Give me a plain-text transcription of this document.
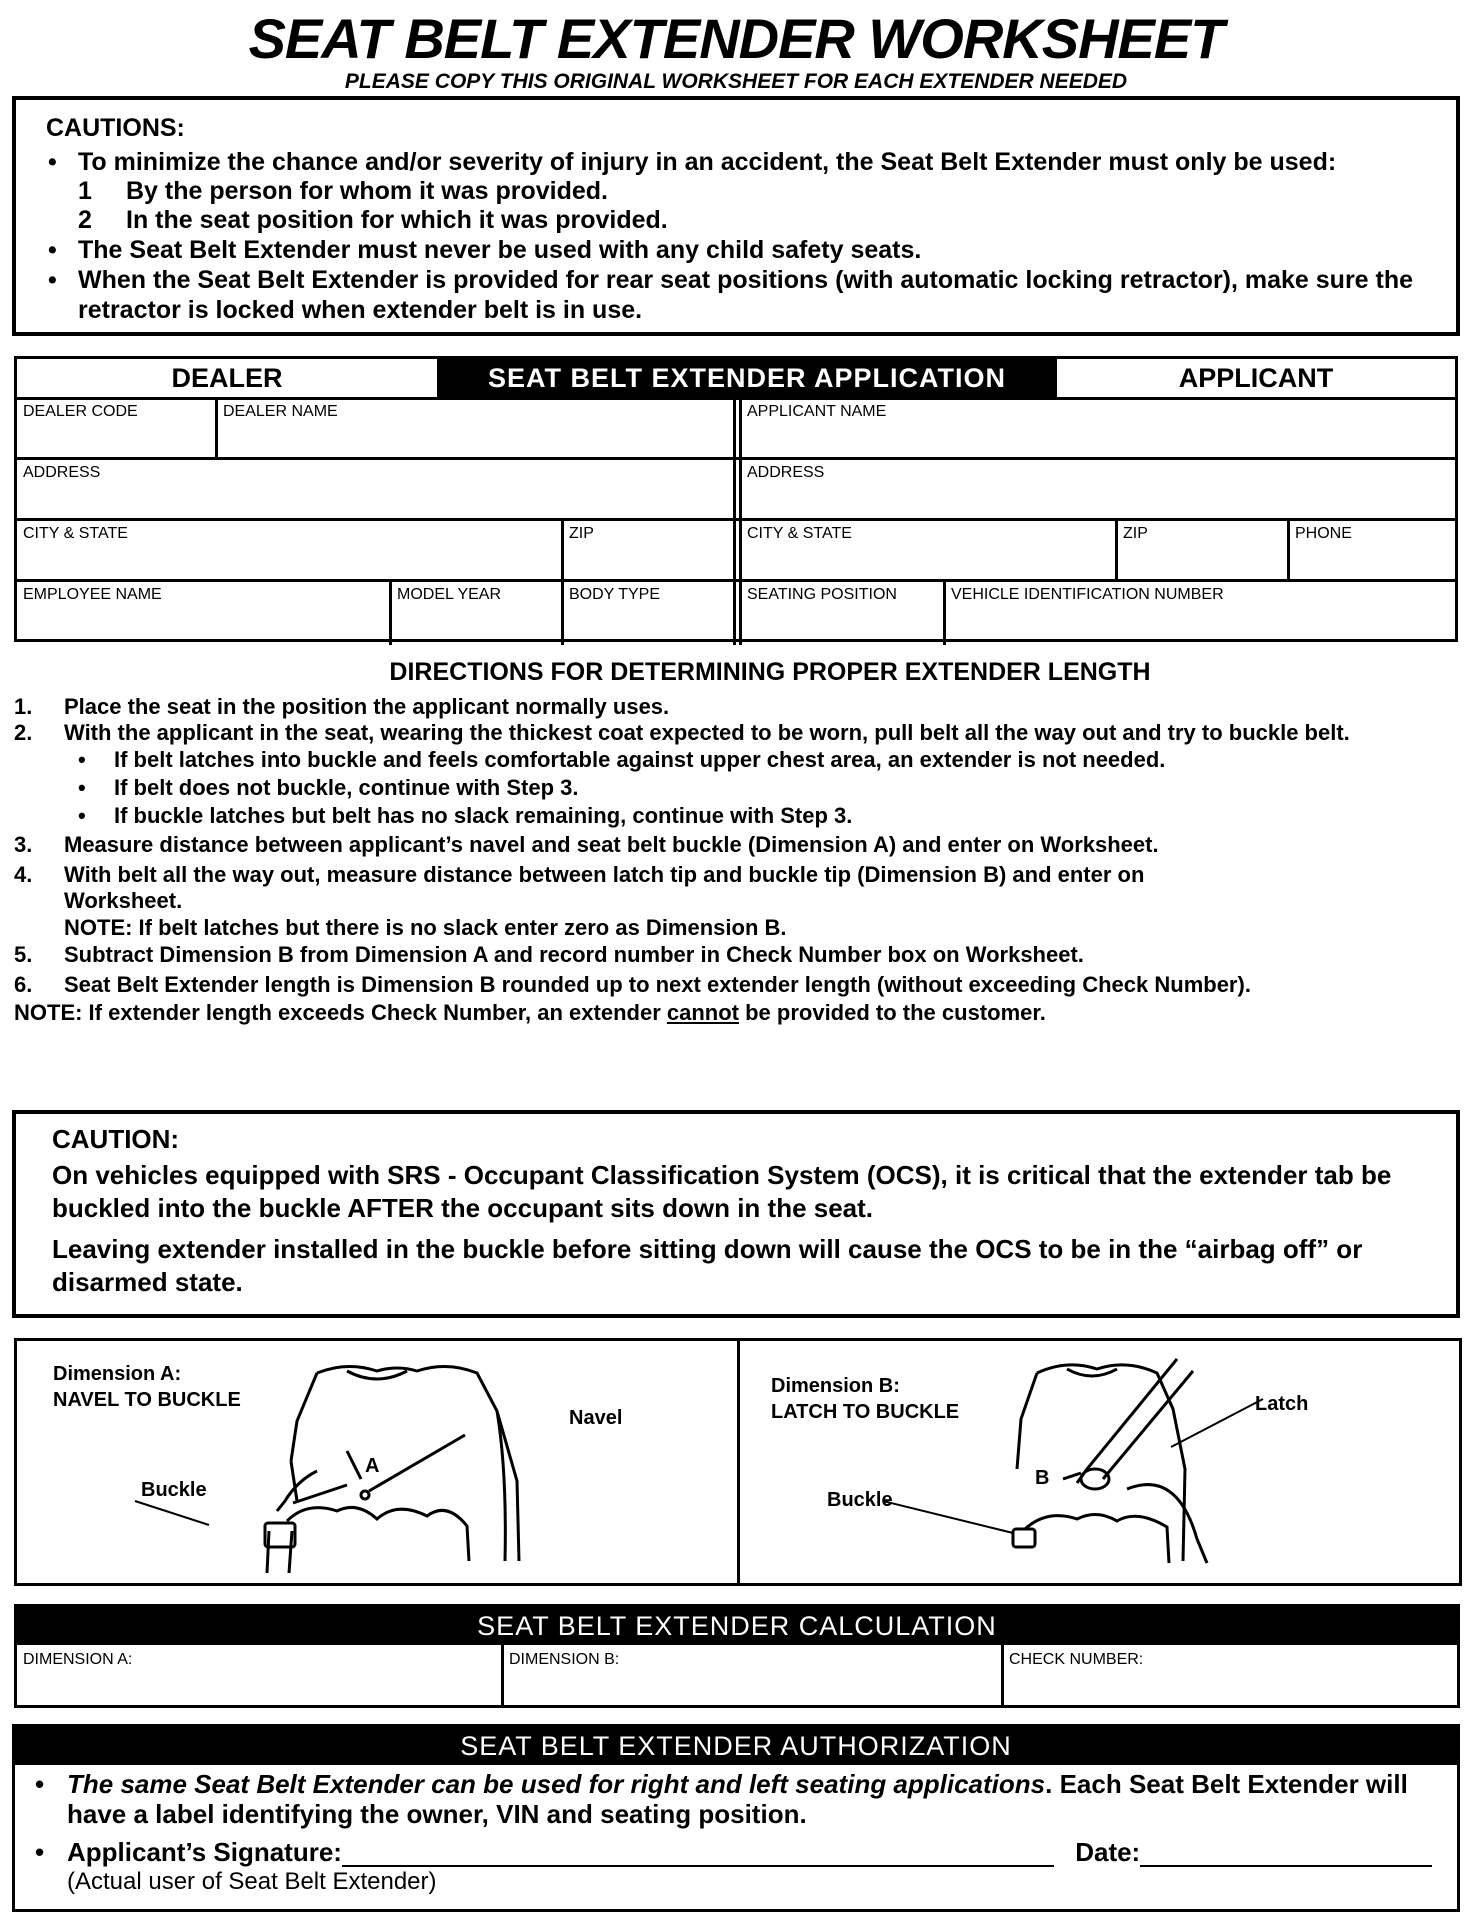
SEAT BELT EXTENDER WORKSHEET
PLEASE COPY THIS ORIGINAL WORKSHEET FOR EACH EXTENDER NEEDED
CAUTIONS:
• To minimize the chance and/or severity of injury in an accident, the Seat Belt Extender must only be used:
1 By the person for whom it was provided.
2 In the seat position for which it was provided.
• The Seat Belt Extender must never be used with any child safety seats.
• When the Seat Belt Extender is provided for rear seat positions (with automatic locking retractor), make sure the retractor is locked when extender belt is in use.
DEALER	SEAT BELT EXTENDER APPLICATION	APPLICANT
DEALER CODE	DEALER NAME	APPLICANT NAME
ADDRESS	ADDRESS
CITY & STATE	ZIP	CITY & STATE	ZIP	PHONE
EMPLOYEE NAME	MODEL YEAR	BODY TYPE	SEATING POSITION	VEHICLE IDENTIFICATION NUMBER
DIRECTIONS FOR DETERMINING PROPER EXTENDER LENGTH
1. Place the seat in the position the applicant normally uses.
2. With the applicant in the seat, wearing the thickest coat expected to be worn, pull belt all the way out and try to buckle belt.
• If belt latches into buckle and feels comfortable against upper chest area, an extender is not needed.
• If belt does not buckle, continue with Step 3.
• If buckle latches but belt has no slack remaining, continue with Step 3.
3. Measure distance between applicant’s navel and seat belt buckle (Dimension A) and enter on Worksheet.
4. With belt all the way out, measure distance between latch tip and buckle tip (Dimension B) and enter on Worksheet.
NOTE: If belt latches but there is no slack enter zero as Dimension B.
5. Subtract Dimension B from Dimension A and record number in Check Number box on Worksheet.
6. Seat Belt Extender length is Dimension B rounded up to next extender length (without exceeding Check Number).
NOTE: If extender length exceeds Check Number, an extender cannot be provided to the customer.
CAUTION:

On vehicles equipped with SRS - Occupant Classification System (OCS), it is critical that the extender tab be buckled into the buckle AFTER the occupant sits down in the seat.

Leaving extender installed in the buckle before sitting down will cause the OCS to be in the “airbag off” or disarmed state.

Dimension A:
NAVEL TO BUCKLE
Navel
Buckle
A
Dimension B:
LATCH TO BUCKLE	Latch
Buckle
B
SEAT BELT EXTENDER CALCULATION
DIMENSION A:	DIMENSION B:	CHECK NUMBER:
SEAT BELT EXTENDER AUTHORIZATION
• The same Seat Belt Extender can be used for right and left seating applications. Each Seat Belt Extender will have a label identifying the owner, VIN and seating position.
• Applicant’s Signature:	Date:
(Actual user of Seat Belt Extender)
